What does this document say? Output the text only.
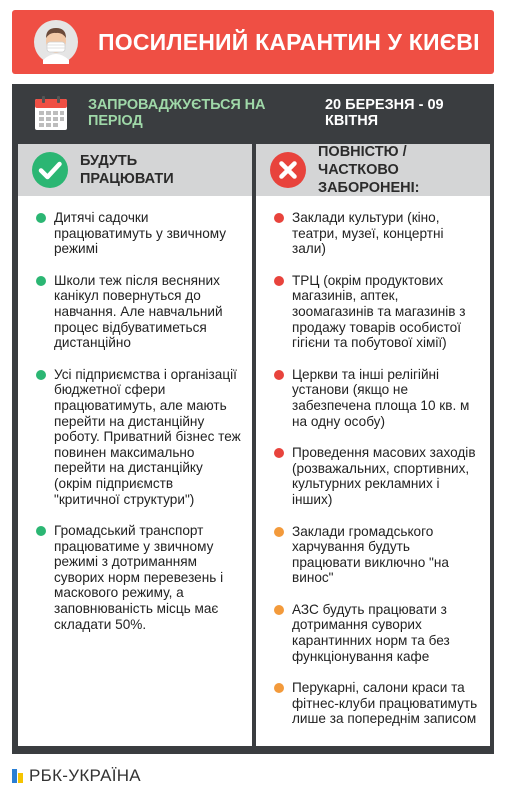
ПОСИЛЕНИЙ КАРАНТИН У КИЄВІ
ЗАПРОВАДЖУЄТЬСЯ НА ПЕРІОД
20 БЕРЕЗНЯ - 09 КВІТНЯ
БУДУТЬ
ПРАЦЮВАТИ
Дитячі садочки працюватимуть у звичному режимі
Школи теж після весняних канікул повернуться до навчання. Але навчальний процес відбуватиметься дистанційно
Усі підприємства і організації бюджетної сфери працюватимуть, але мають перейти на дистанційну роботу. Приватний бізнес теж повинен максимально перейти на дистанційку (окрім підприємств "критичної структури")
Громадський транспорт працюватиме у звичному режимі з дотриманням суворих норм перевезень і маскового режиму, а заповнюваність місць має складати 50%.
ПОВНІСТЮ / ЧАСТКОВО
ЗАБОРОНЕНІ:
Заклади культури (кіно, театри, музеї, концертні зали)
ТРЦ (окрім продуктових магазинів, аптек, зоомагазинів та магазинів з продажу товарів особистої гігієни та побутової хімії)
Церкви та інші релігійні установи (якщо не забезпечена площа 10 кв. м на одну особу)
Проведення масових заходів (розважальних, спортивних, культурних рекламних і інших)
Заклади громадського харчування будуть працювати виключно "на винос"
АЗС будуть працювати з дотримання суворих карантинних норм та без функціонування кафе
Перукарні, салони краси та фітнес-клуби працюватимуть лише за попереднім записом
РБК-УКРАЇНА
